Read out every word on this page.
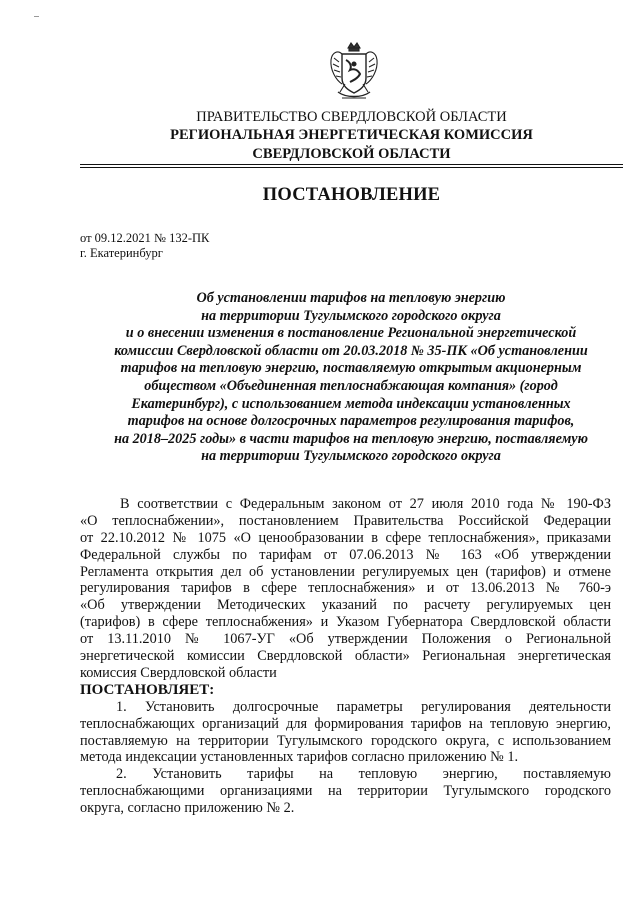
ПРАВИТЕЛЬСТВО СВЕРДЛОВСКОЙ ОБЛАСТИ
РЕГИОНАЛЬНАЯ ЭНЕРГЕТИЧЕСКАЯ КОМИССИЯ
СВЕРДЛОВСКОЙ ОБЛАСТИ
ПОСТАНОВЛЕНИЕ
от 09.12.2021 № 132-ПК
г. Екатеринбург
Об установлении тарифов на тепловую энергию
на территории Тугулымского городского округа
и о внесении изменения в постановление Региональной энергетической
комиссии Свердловской области от 20.03.2018 № 35-ПК «Об установлении
тарифов на тепловую энергию, поставляемую открытым акционерным
обществом «Объединенная теплоснабжающая компания» (город
Екатеринбург), с использованием метода индексации установленных
тарифов на основе долгосрочных параметров регулирования тарифов,
на 2018–2025 годы» в части тарифов на тепловую энергию, поставляемую
на территории Тугулымского городского округа
В соответствии с Федеральным законом от 27 июля 2010 года № 190-ФЗ
«О теплоснабжении», постановлением Правительства Российской Федерации
от 22.10.2012 № 1075 «О ценообразовании в сфере теплоснабжения», приказами
Федеральной службы по тарифам от 07.06.2013 № 163 «Об утверждении
Регламента открытия дел об установлении регулируемых цен (тарифов) и отмене
регулирования тарифов в сфере теплоснабжения» и от 13.06.2013 № 760-э
«Об утверждении Методических указаний по расчету регулируемых цен
(тарифов) в сфере теплоснабжения» и Указом Губернатора Свердловской области
от 13.11.2010 № 1067-УГ «Об утверждении Положения о Региональной
энергетической комиссии Свердловской области» Региональная энергетическая
комиссия Свердловской области
ПОСТАНОВЛЯЕТ:
1. Установить долгосрочные параметры регулирования деятельности
теплоснабжающих организаций для формирования тарифов на тепловую энергию,
поставляемую на территории Тугулымского городского округа, с использованием
метода индексации установленных тарифов согласно приложению № 1.
2. Установить тарифы на тепловую энергию, поставляемую
теплоснабжающими организациями на территории Тугулымского городского
округа, согласно приложению № 2.
